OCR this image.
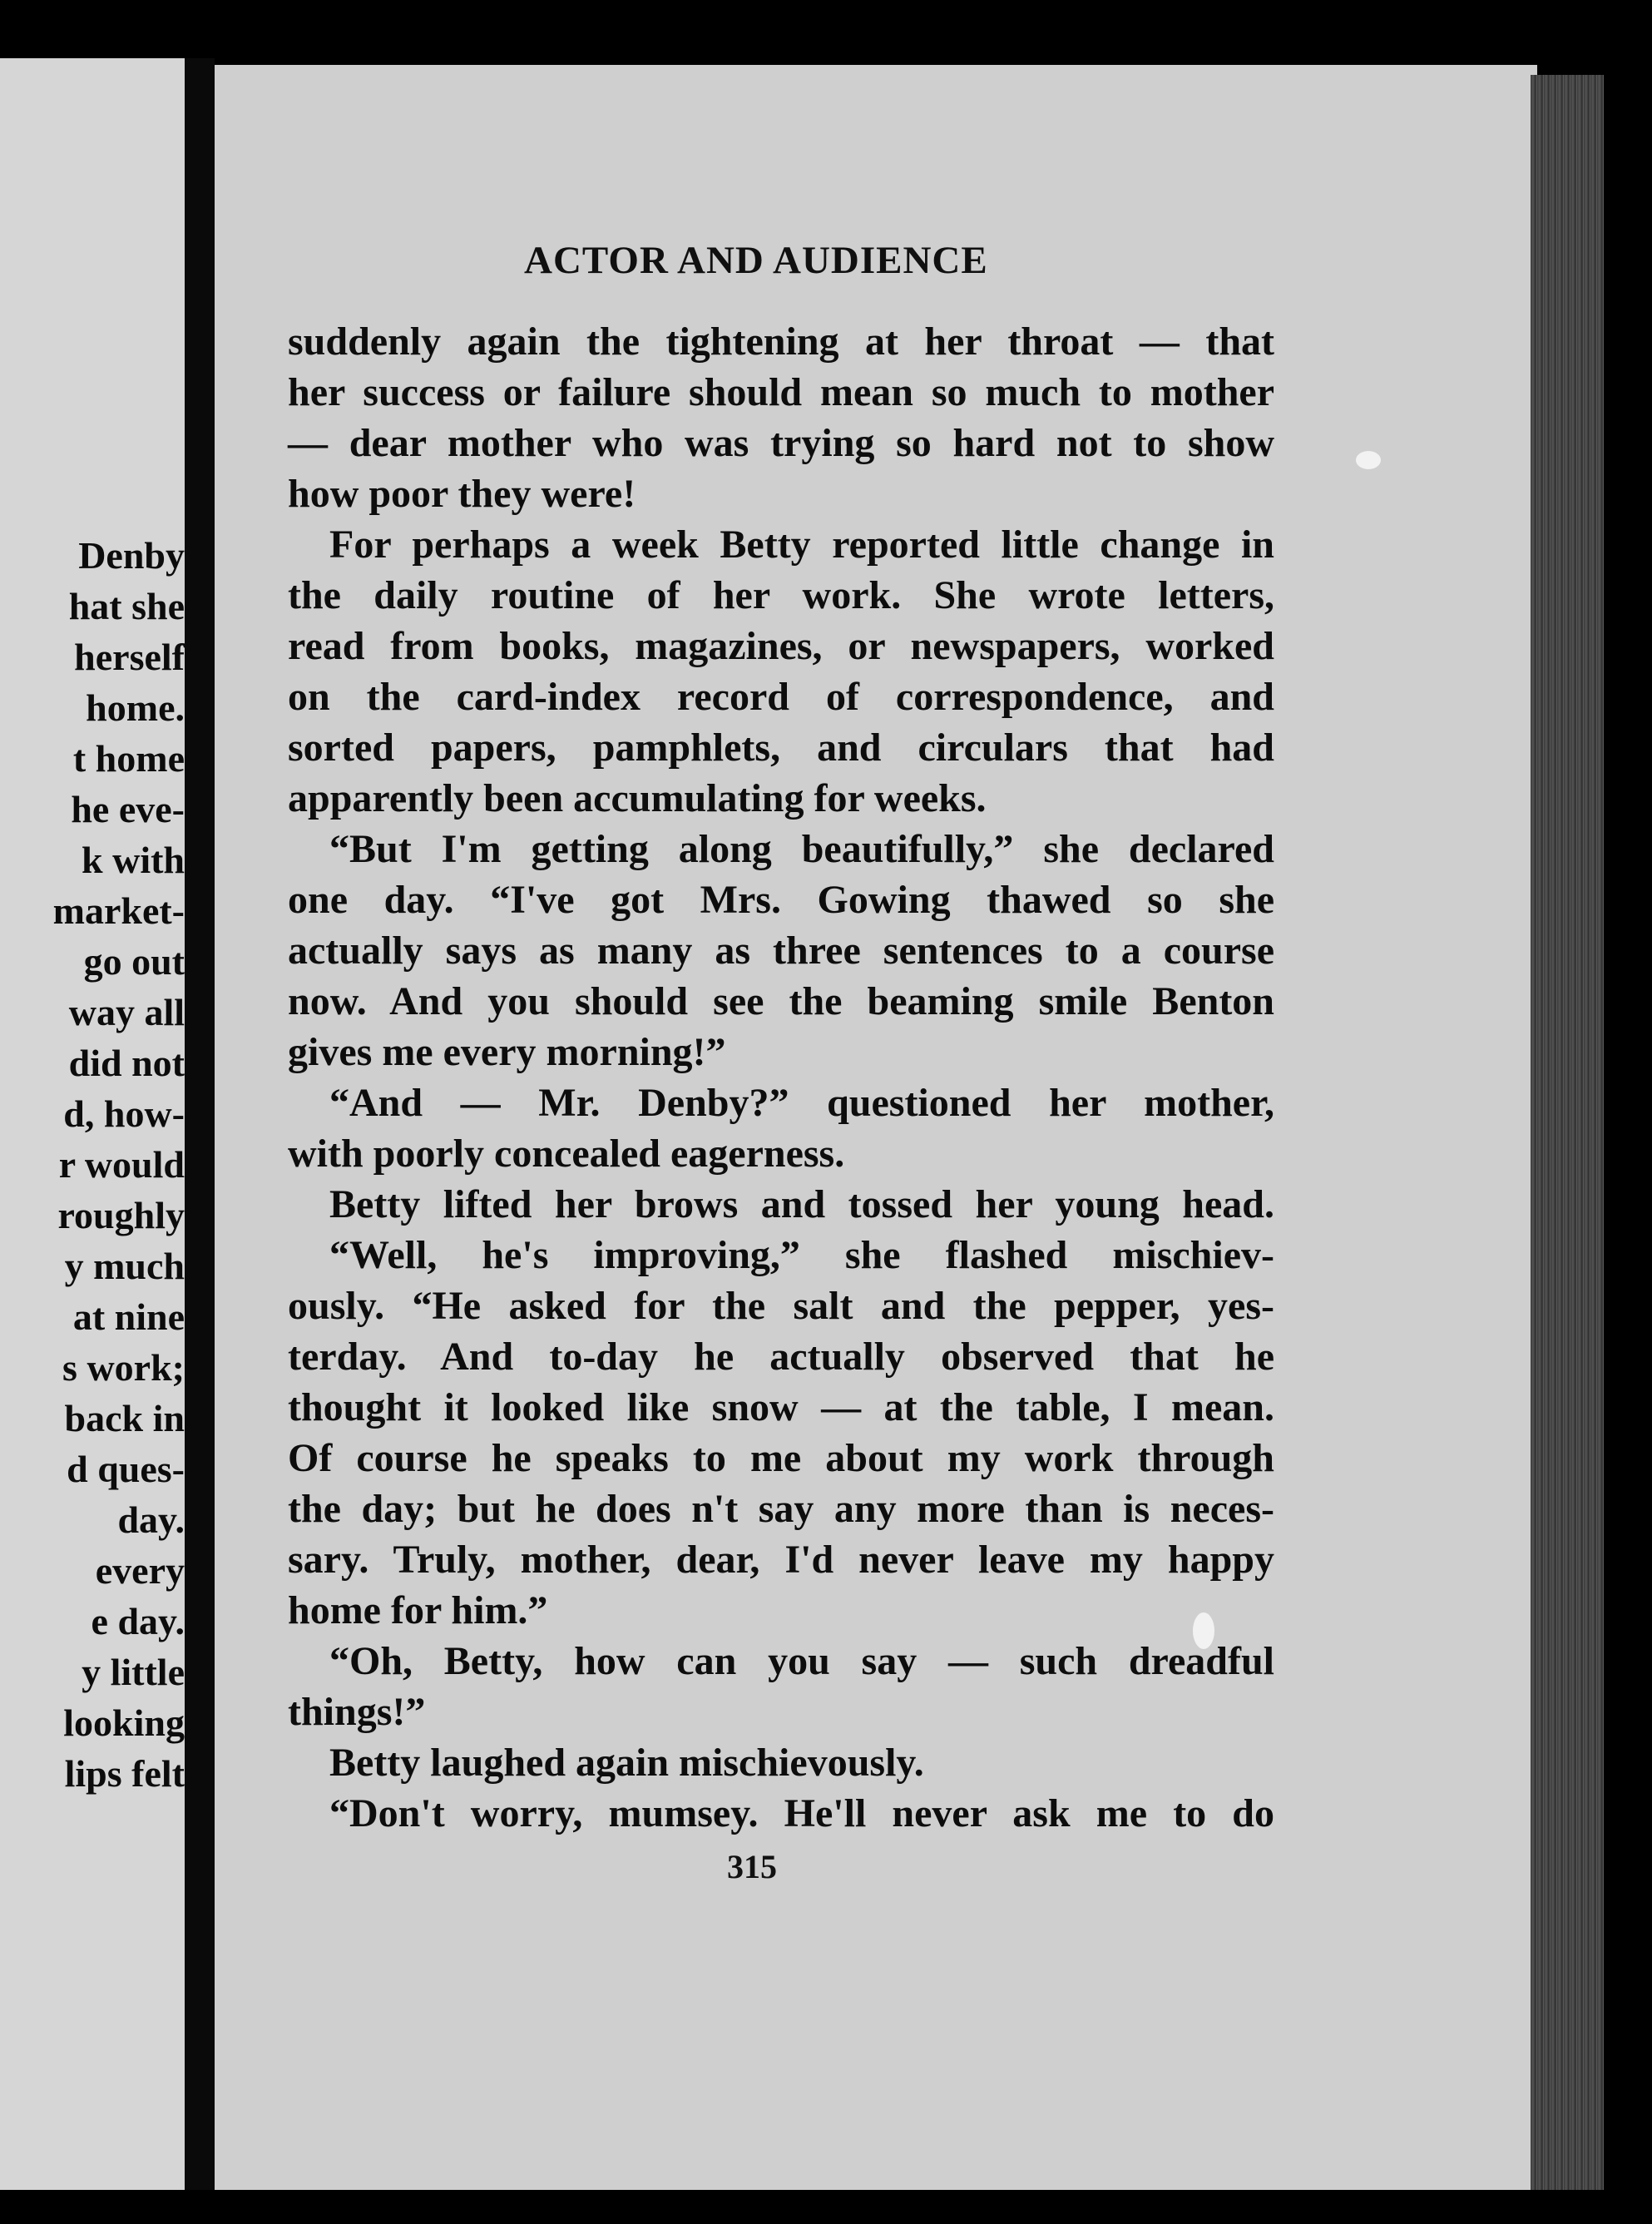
Denby
hat she
herself
home.
t home
he eve-
k with
market-
go out
way all
did not
d, how-
r would
roughly
y much
at nine
s work;
back in
d ques-
day.
every
e day.
y little
looking
lips felt
ACTOR AND AUDIENCE
suddenly again the tightening at her throat — that
her success or failure should mean so much to mother
— dear mother who was trying so hard not to show
how poor they were!
For perhaps a week Betty reported little change in
the daily routine of her work. She wrote letters,
read from books, magazines, or newspapers, worked
on the card-index record of correspondence, and
sorted papers, pamphlets, and circulars that had
apparently been accumulating for weeks.
“But I'm getting along beautifully,” she declared
one day. “I've got Mrs. Gowing thawed so she
actually says as many as three sentences to a course
now. And you should see the beaming smile Benton
gives me every morning!”
“And — Mr. Denby?” questioned her mother,
with poorly concealed eagerness.
Betty lifted her brows and tossed her young head.
“Well, he's improving,” she flashed mischiev-
ously. “He asked for the salt and the pepper, yes-
terday. And to-day he actually observed that he
thought it looked like snow — at the table, I mean.
Of course he speaks to me about my work through
the day; but he does n't say any more than is neces-
sary. Truly, mother, dear, I'd never leave my happy
home for him.”
“Oh, Betty, how can you say — such dreadful
things!”
Betty laughed again mischievously.
“Don't worry, mumsey. He'll never ask me to do
315
